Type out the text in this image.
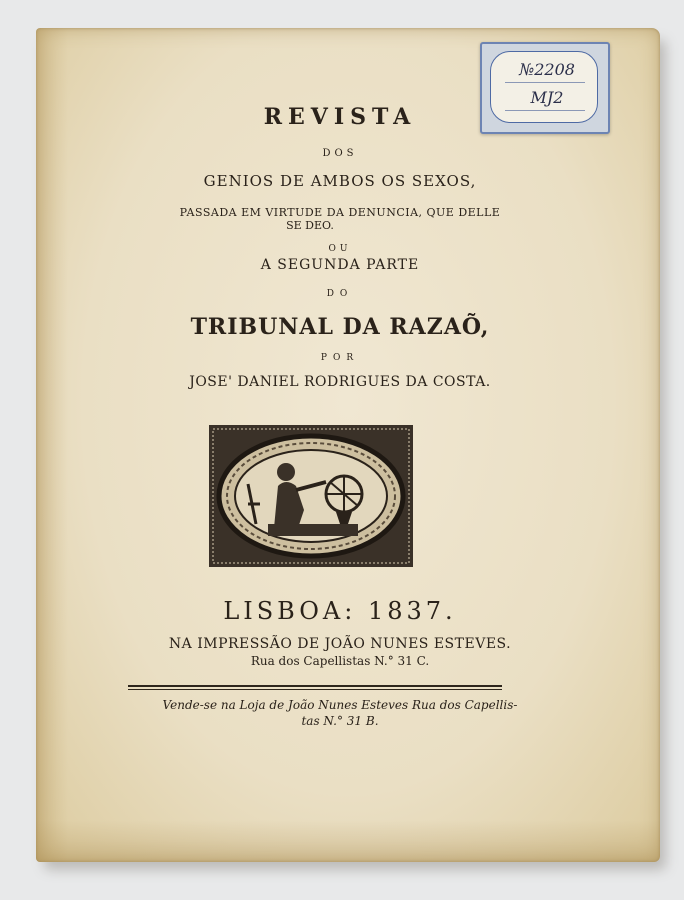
№2208
MJ2
REVISTA
DOS
GENIOS DE AMBOS OS SEXOS,
PASSADA EM VIRTUDE DA DENUNCIA, QUE DELLE
SE DEO.
OU
A SEGUNDA PARTE
DO
TRIBUNAL DA RAZAÕ,
POR
JOSE' DANIEL RODRIGUES DA COSTA.
LISBOA: 1837.
NA IMPRESSÃO DE JOÃO NUNES ESTEVES.
Rua dos Capellistas N.° 31 C.
Vende-se na Loja de João Nunes Esteves Rua dos Capellis-
tas N.° 31 B.
